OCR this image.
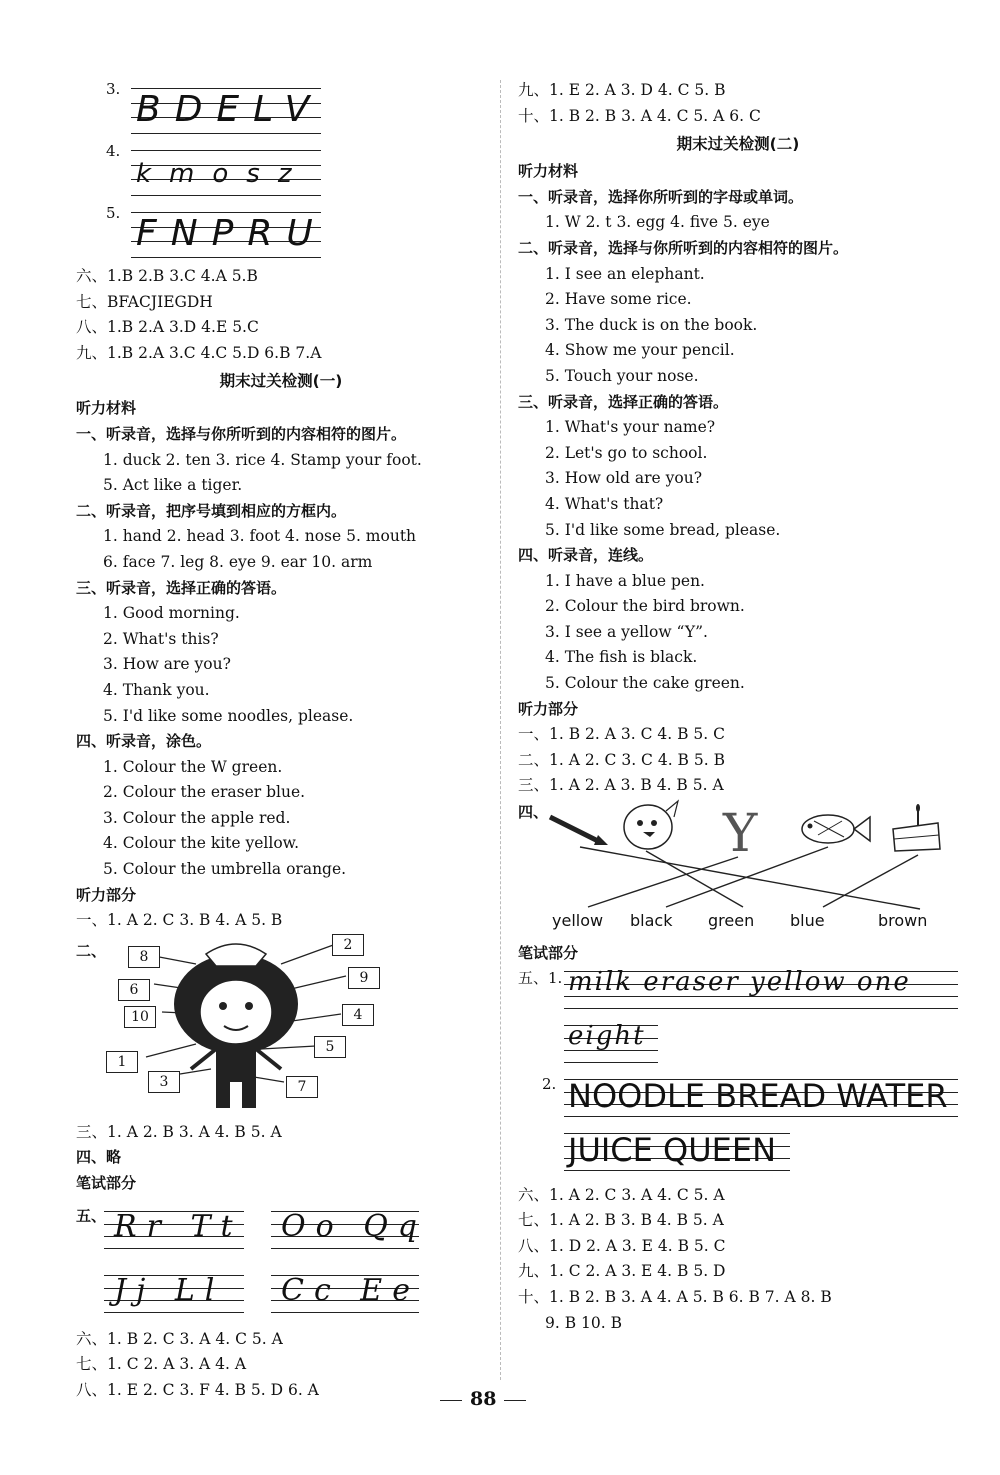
3. BDELV
4.
kmosz
5. FNPRU
六、1.B 2.B 3.C 4.A 5.B
七、BFACJIEGDH
八、1.B 2.A 3.D 4.E 5.C
九、1.B 2.A 3.C 4.C 5.D 6.B 7.A
期末过关检测(一)
听力材料
一、听录音，选择与你所听到的内容相符的图片。
1. duck 2. ten 3. rice 4. Stamp your foot.
5. Act like a tiger.
二、听录音，把序号填到相应的方框内。
1. hand 2. head 3. foot 4. nose 5. mouth
6. face 7. leg 8. eye 9. ear 10. arm
三、听录音，选择正确的答语。
1. Good morning.
2. What's this?
3. How are you?
4. Thank you.
5. I'd like some noodles, please.
四、听录音，涂色。
1. Colour the W green.
2. Colour the eraser blue.
3. Colour the apple red.
4. Colour the kite yellow.
5. Colour the umbrella orange.
听力部分
一、1. A 2. C 3. B 4. A 5. B
二、	8
2
6
9
10	4
1
5
3	7
三、1. A 2. B 3. A 4. B 5. A
四、略
笔试部分
五、 Rr Tt Oo Qq
Jj Ll Cc Ee
六、1. B 2. C 3. A 4. C 5. A
七、1. C 2. A 3. A 4. A
八、1. E 2. C 3. F 4. B 5. D 6. A
九、1. E 2. A 3. D 4. C 5. B
十、1. B 2. B 3. A 4. C 5. A 6. C
期末过关检测(二)
听力材料
一、听录音，选择你所听到的字母或单词。
1. W 2. t 3. egg 4. five 5. eye
二、听录音，选择与你所听到的内容相符的图片。
1. I see an elephant.
2. Have some rice.
3. The duck is on the book.
4. Show me your pencil.
5. Touch your nose.
三、听录音，选择正确的答语。
1. What's your name?
2. Let's go to school.
3. How old are you?
4. What's that?
5. I'd like some bread, please.
四、听录音，连线。
1. I have a blue pen.
2. Colour the bird brown.
3. I see a yellow “Y”.
4. The fish is black.
5. Colour the cake green.
听力部分
一、1. B 2. A 3. C 4. B 5. C
二、1. A 2. C 3. C 4. B 5. B
三、1. A 2. A 3. B 4. B 5. A
四、	Y
yellow black green blue	brown
笔试部分
五、1. milk eraser yellow one
eight
2. NOODLE BREAD WATER
JUICE QUEEN
六、1. A 2. C 3. A 4. C 5. A
七、1. A 2. B 3. B 4. B 5. A
八、1. D 2. A 3. E 4. B 5. C
九、1. C 2. A 3. E 4. B 5. D
十、1. B 2. B 3. A 4. A 5. B 6. B 7. A 8. B
9. B 10. B
88
